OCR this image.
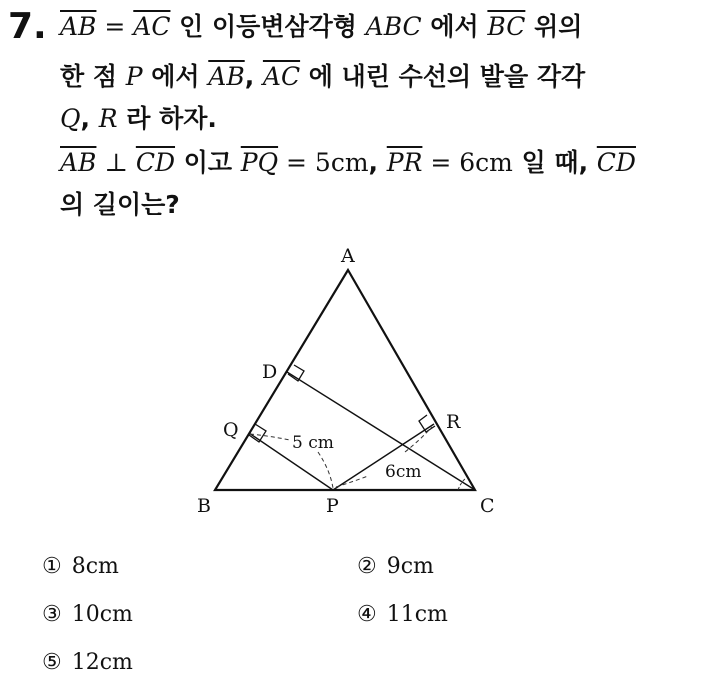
7. $\overline{AB} = \overline{AC}$ 인 이등변삼각형 ABC 에서 $\overline{BC}$ 위의
한 점 P 에서 $\overline{AB}$, $\overline{AC}$ 에 내린 수선의 발을 각각
Q, R 라 하자.
$\overline{AB}$ ⊥ $\overline{CD}$ 이고 $\overline{PQ} = 5cm$, $\overline{PR} = 6cm$ 일 때, $\overline{CD}$
의 길이는?
A
B	C
D
P
Q	R
5 cm
6cm
① 8cm	② 9cm
③ 10cm	④ 11cm
⑤ 12cm
